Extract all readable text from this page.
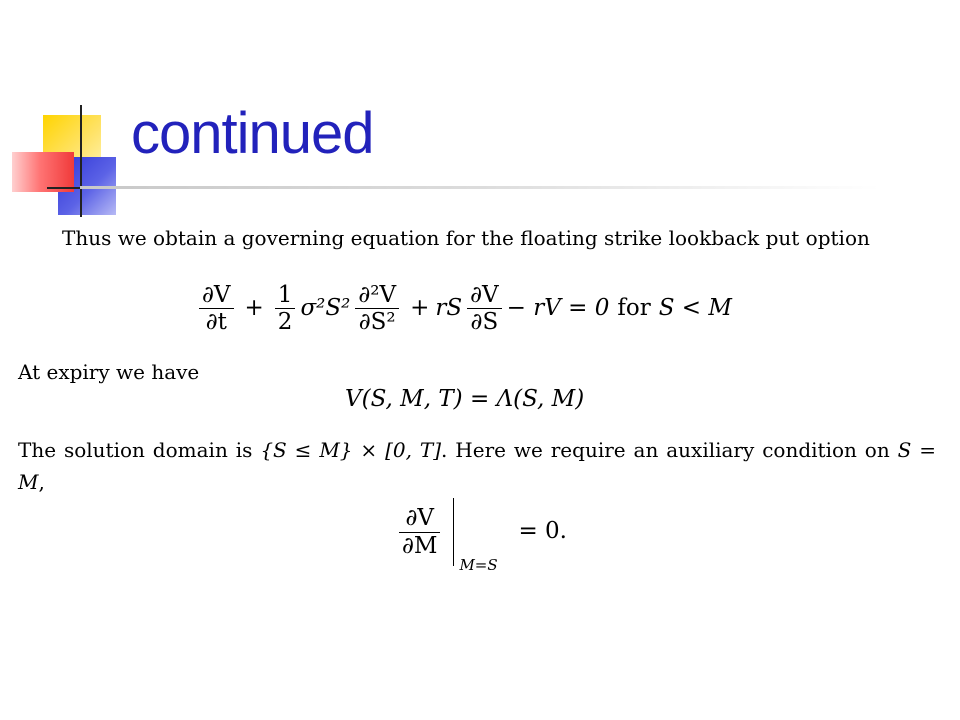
continued
Thus we obtain a governing equation for the floating strike lookback put option
$\frac{\partial V}{\partial t} + \frac{1}{2} \sigma^2S^2 \frac{\text{∂²V}}{\text{∂S²}}$ + rS $\frac{\partial V}{\partial S}$ − rV = 0 for S < M
At expiry we have
V(S, M, T) = Λ(S, M)
The solution domain is {S ≤ M} × [0, T]. Here we require an auxiliary condition on S = M,
$\frac{\partial V}{\partial M}$
M=S
= 0.
